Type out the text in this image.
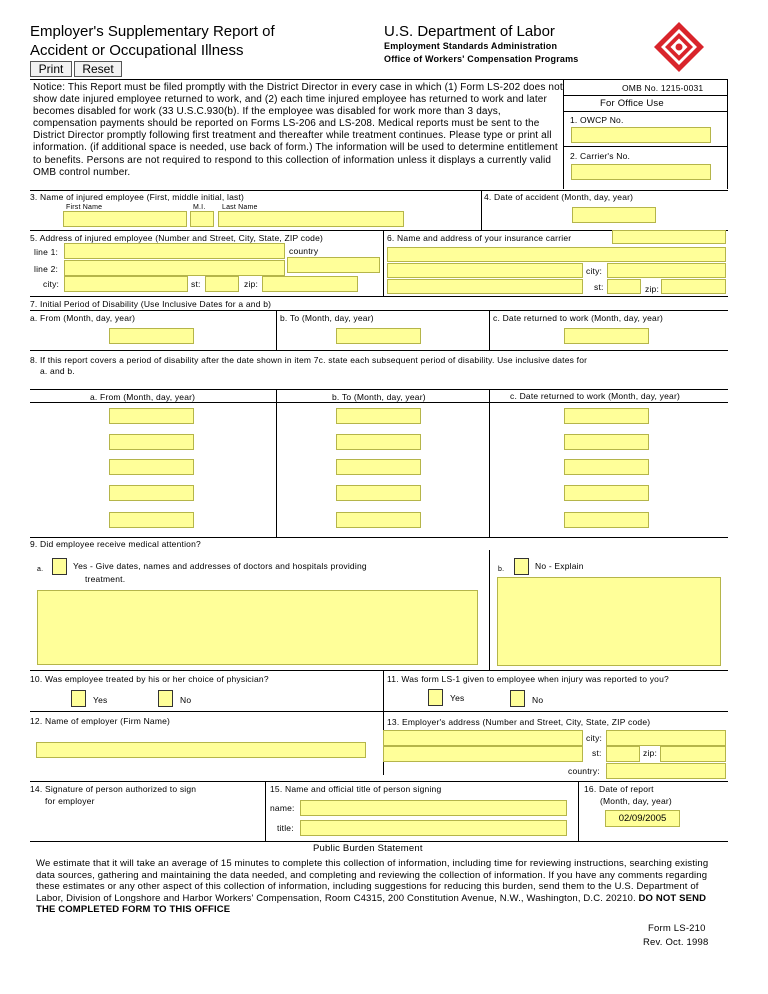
Employer's Supplementary Report of
Accident or Occupational Illness
Print	Reset
U.S. Department of Labor
Employment Standards Administration
Office of Workers' Compensation Programs
Notice: This Report must be filed promptly with the District Director in every case in which (1) Form LS-202 does not show date injured employee returned to work, and (2) each time injured employee has returned to work and later becomes disabled for work (33 U.S.C.930(b). If the employee was disabled for work more than 3 days, compensation payments should be reported on Forms LS-206 and LS-208. Medical reports must be sent to the District Director promptly following first treatment and thereafter while treatment continues. Please type or print all information. (if additional space is needed, use back of form.) The information will be used to determine entitlement to benefits. Persons are not required to respond to this collection of information unless it displays a currently valid OMB control number.
OMB No. 1215-0031
For Office Use
1. OWCP No.
2. Carrier's No.
3. Name of injured employee (First, middle initial, last)
First Name	M.I. Last Name
4. Date of accident (Month, day, year)
5. Address of injured employee (Number and Street, City, State, ZIP code)
line 1:	country
line 2:
city:	st:	zip:
6. Name and address of your insurance carrier
city:
st:	zip:
7. Initial Period of Disability (Use Inclusive Dates for a and b)
a. From (Month, day, year)	b. To (Month, day, year)	c. Date returned to work (Month, day, year)
8. If this report covers a period of disability after the date shown in item 7c. state each subsequent period of disability. Use inclusive dates for
a. and b.
a. From (Month, day, year)	b. To (Month, day, year)	c. Date returned to work (Month, day, year)
9. Did employee receive medical attention?
a.	Yes - Give dates, names and addresses of doctors and hospitals providing
treatment.
b.	No - Explain
10. Was employee treated by his or her choice of physician?
Yes	No
11. Was form LS-1 given to employee when injury was reported to you?
Yes	No
12. Name of employer (Firm Name)	13. Employer's address (Number and Street, City, State, ZIP code)
city:
st:	zip:
country:
14. Signature of person authorized to sign
for employer
15. Name and official title of person signing
name:
title:
16. Date of report
(Month, day, year)
02/09/2005
Public Burden Statement
We estimate that it will take an average of 15 minutes to complete this collection of information, including time for reviewing instructions, searching existing data sources, gathering and maintaining the data needed, and completing and reviewing the collection of information. If you have any comments regarding these estimates or any other aspect of this collection of information, including suggestions for reducing this burden, send them to the U.S. Department of Labor, Division of Longshore and Harbor Workers' Compensation, Room C4315, 200 Constitution Avenue, N.W., Washington, D.C. 20210. DO NOT SEND THE COMPLETED FORM TO THIS OFFICE
Form LS-210
Rev. Oct. 1998
